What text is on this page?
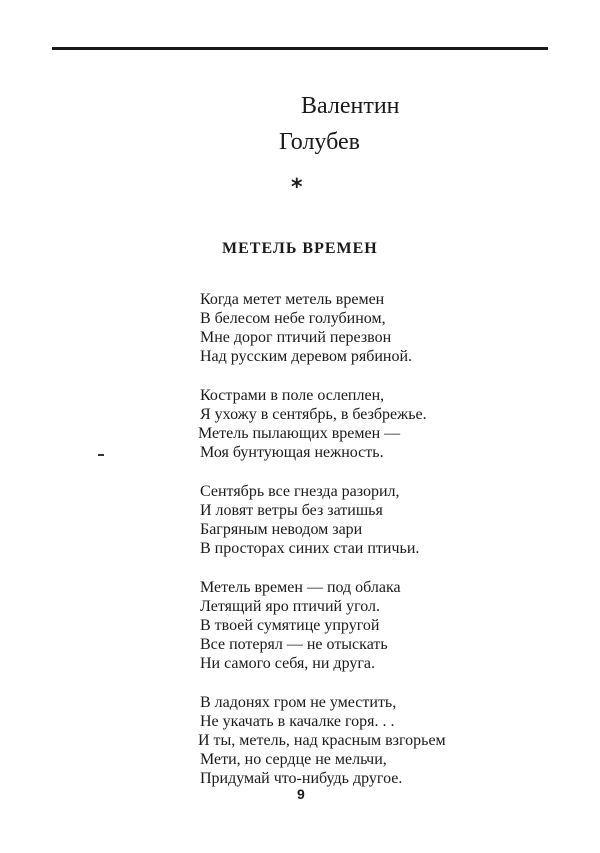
Валентин
Голубев
*
МЕТЕЛЬ ВРЕМЕН
Когда метет метель времен
В белесом небе голубином,
Мне дорог птичий перезвон
Над русским деревом рябиной.
Кострами в поле ослеплен,
Я ухожу в сентябрь, в безбрежье.
Метель пылающих времен —
Моя бунтующая нежность.
Сентябрь все гнезда разорил,
И ловят ветры без затишья
Багряным неводом зари
В просторах синих стаи птичьи.
Метель времен — под облака
Летящий яро птичий угол.
В твоей сумятице упругой
Все потерял — не отыскать
Ни самого себя, ни друга.
В ладонях гром не уместить,
Не укачать в качалке горя. . .
И ты, метель, над красным взгорьем
Мети, но сердце не мельчи,
Придумай что-нибудь другое.
9
